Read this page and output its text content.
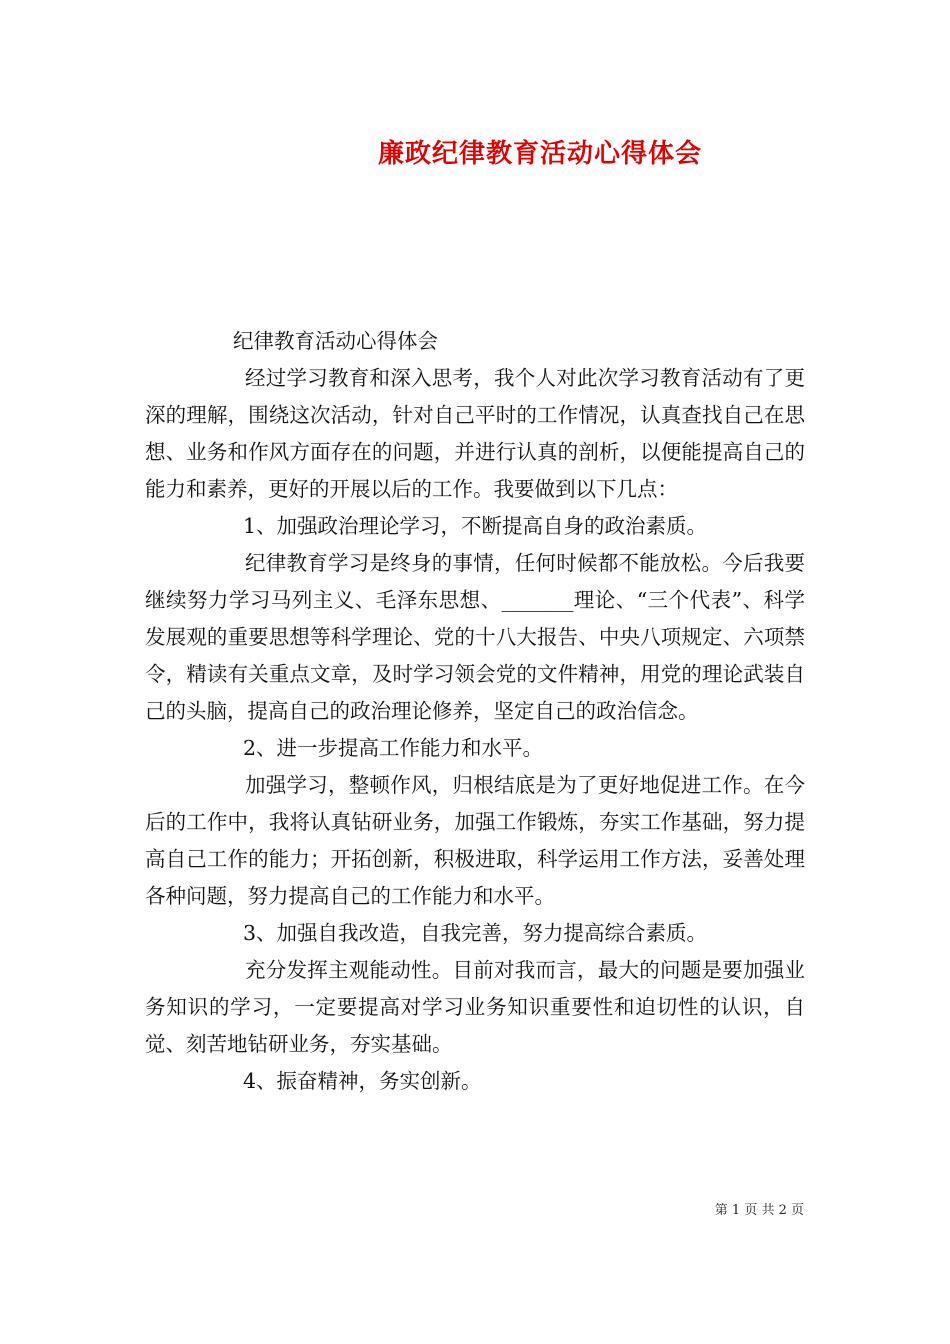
廉政纪律教育活动心得体会

纪律教育活动心得体会

经过学习教育和深入思考，我个人对此次学习教育活动有了更深的理解，围绕这次活动，针对自己平时的工作情况，认真查找自己在思想、业务和作风方面存在的问题，并进行认真的剖析，以便能提高自己的能力和素养，更好的开展以后的工作。我要做到以下几点：

1、加强政治理论学习，不断提高自身的政治素质。

纪律教育学习是终身的事情，任何时候都不能放松。今后我要继续努力学习马列主义、毛泽东思想、_______理论、“三个代表”、科学发展观的重要思想等科学理论、党的十八大报告、中央八项规定、六项禁令，精读有关重点文章，及时学习领会党的文件精神，用党的理论武装自己的头脑，提高自己的政治理论修养，坚定自己的政治信念。

2、进一步提高工作能力和水平。

加强学习，整顿作风，归根结底是为了更好地促进工作。在今后的工作中，我将认真钻研业务，加强工作锻炼，夯实工作基础，努力提高自己工作的能力；开拓创新，积极进取，科学运用工作方法，妥善处理各种问题，努力提高自己的工作能力和水平。

3、加强自我改造，自我完善，努力提高综合素质。

充分发挥主观能动性。目前对我而言，最大的问题是要加强业务知识的学习，一定要提高对学习业务知识重要性和迫切性的认识，自觉、刻苦地钻研业务，夯实基础。

4、振奋精神，务实创新。

第 1 页 共 2 页
